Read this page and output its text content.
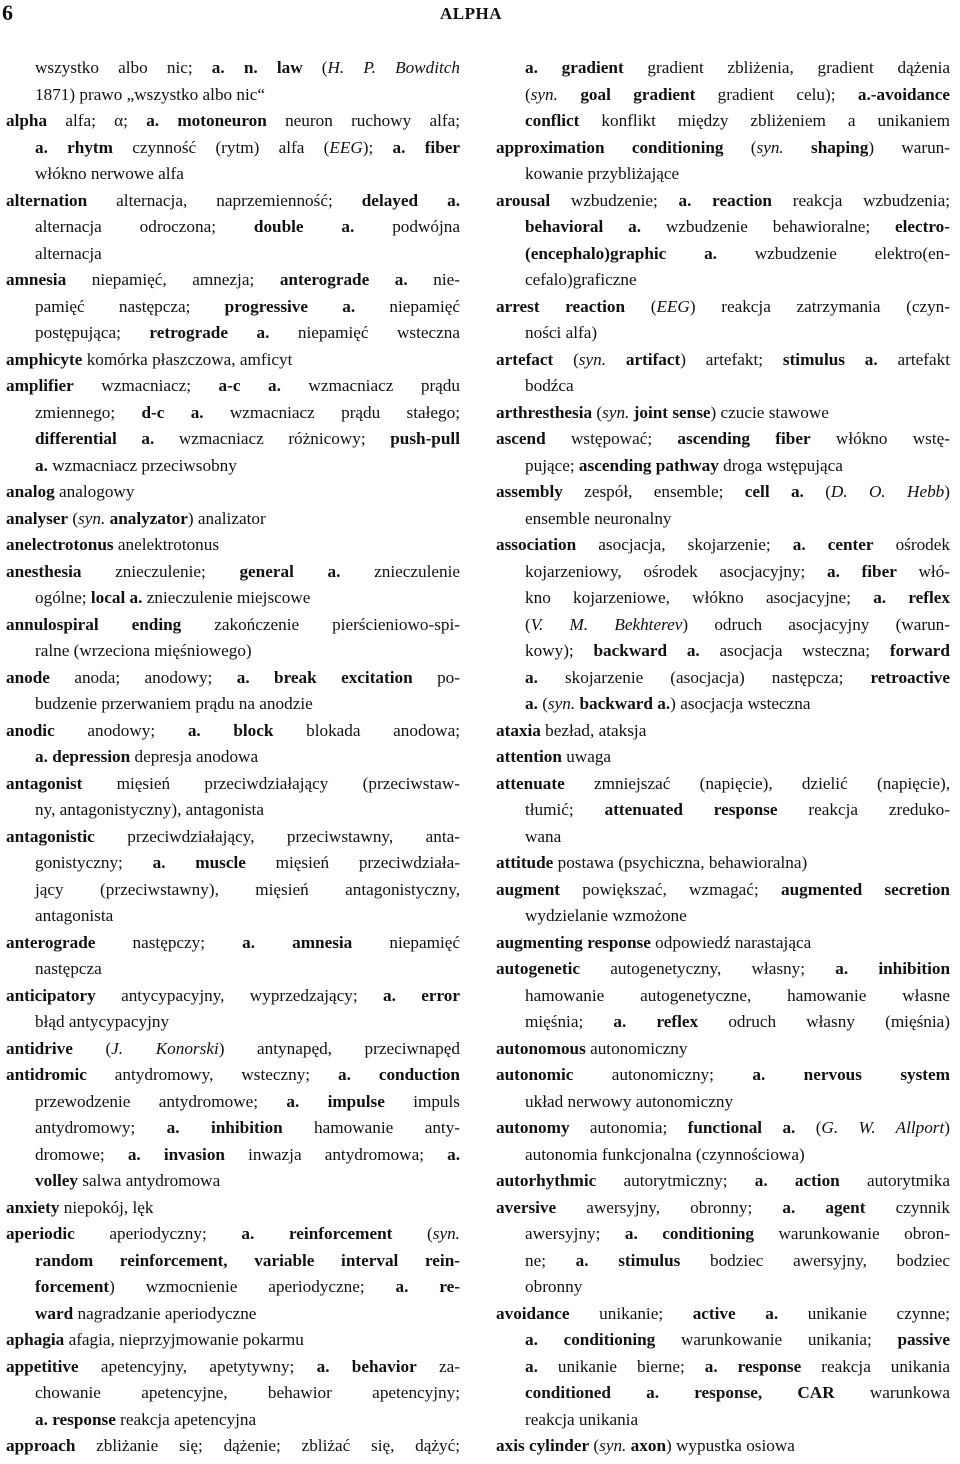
6	ALPHA
wszystko albo nic; a. n. law (H. P. Bowditch
1871) prawo „wszystko albo nic“
alpha alfa; α; a. motoneuron neuron ruchowy alfa;
a. rhytm czynność (rytm) alfa (EEG); a. fiber
włókno nerwowe alfa
alternation alternacja, naprzemienność; delayed a.
alternacja odroczona; double a. podwójna
alternacja
amnesia niepamięć, amnezja; anterograde a. nie-
pamięć następcza; progressive a. niepamięć
postępująca; retrograde a. niepamięć wsteczna
amphicyte komórka płaszczowa, amficyt
amplifier wzmacniacz; a-c a. wzmacniacz prądu
zmiennego; d-c a. wzmacniacz prądu stałego;
differential a. wzmacniacz różnicowy; push-pull
a. wzmacniacz przeciwsobny
analog analogowy
analyser (syn. analyzator) analizator
anelectrotonus anelektrotonus
anesthesia znieczulenie; general a. znieczulenie
ogólne; local a. znieczulenie miejscowe
annulospiral ending zakończenie pierścieniowo-spi-
ralne (wrzeciona mięśniowego)
anode anoda; anodowy; a. break excitation po-
budzenie przerwaniem prądu na anodzie
anodic anodowy; a. block blokada anodowa;
a. depression depresja anodowa
antagonist mięsień przeciwdziałający (przeciwstaw-
ny, antagonistyczny), antagonista
antagonistic przeciwdziałający, przeciwstawny, anta-
gonistyczny; a. muscle mięsień przeciwdziała-
jący (przeciwstawny), mięsień antagonistyczny,
antagonista
anterograde następczy; a. amnesia niepamięć
następcza
anticipatory antycypacyjny, wyprzedzający; a. error
błąd antycypacyjny
antidrive (J. Konorski) antynapęd, przeciwnapęd
antidromic antydromowy, wsteczny; a. conduction
przewodzenie antydromowe; a. impulse impuls
antydromowy; a. inhibition hamowanie anty-
dromowe; a. invasion inwazja antydromowa; a.
volley salwa antydromowa
anxiety niepokój, lęk
aperiodic aperiodyczny; a. reinforcement (syn.
random reinforcement, variable interval rein-
forcement) wzmocnienie aperiodyczne; a. re-
ward nagradzanie aperiodyczne
aphagia afagia, nieprzyjmowanie pokarmu
appetitive apetencyjny, apetytywny; a. behavior za-
chowanie apetencyjne, behawior apetencyjny;
a. response reakcja apetencyjna
approach zbliżanie się; dążenie; zbliżać się, dążyć;
a. gradient gradient zbliżenia, gradient dążenia
(syn. goal gradient gradient celu); a.-avoidance
conflict konflikt między zbliżeniem a unikaniem
approximation conditioning (syn. shaping) warun-
kowanie przybliżające
arousal wzbudzenie; a. reaction reakcja wzbudzenia;
behavioral a. wzbudzenie behawioralne; electro-
(encephalo)graphic a. wzbudzenie elektro(en-
cefalo)graficzne
arrest reaction (EEG) reakcja zatrzymania (czyn-
ności alfa)
artefact (syn. artifact) artefakt; stimulus a. artefakt
bodźca
arthresthesia (syn. joint sense) czucie stawowe
ascend wstępować; ascending fiber włókno wstę-
pujące; ascending pathway droga wstępująca
assembly zespół, ensemble; cell a. (D. O. Hebb)
ensemble neuronalny
association asocjacja, skojarzenie; a. center ośrodek
kojarzeniowy, ośrodek asocjacyjny; a. fiber włó-
kno kojarzeniowe, włókno asocjacyjne; a. reflex
(V. M. Bekhterev) odruch asocjacyjny (warun-
kowy); backward a. asocjacja wsteczna; forward
a. skojarzenie (asocjacja) następcza; retroactive
a. (syn. backward a.) asocjacja wsteczna
ataxia bezład, ataksja
attention uwaga
attenuate zmniejszać (napięcie), dzielić (napięcie),
tłumić; attenuated response reakcja zreduko-
wana
attitude postawa (psychiczna, behawioralna)
augment powiększać, wzmagać; augmented secretion
wydzielanie wzmożone
augmenting response odpowiedź narastająca
autogenetic autogenetyczny, własny; a. inhibition
hamowanie autogenetyczne, hamowanie własne
mięśnia; a. reflex odruch własny (mięśnia)
autonomous autonomiczny
autonomic autonomiczny; a. nervous system
układ nerwowy autonomiczny
autonomy autonomia; functional a. (G. W. Allport)
autonomia funkcjonalna (czynnościowa)
autorhythmic autorytmiczny; a. action autorytmika
aversive awersyjny, obronny; a. agent czynnik
awersyjny; a. conditioning warunkowanie obron-
ne; a. stimulus bodziec awersyjny, bodziec
obronny
avoidance unikanie; active a. unikanie czynne;
a. conditioning warunkowanie unikania; passive
a. unikanie bierne; a. response reakcja unikania
conditioned a. response, CAR warunkowa
reakcja unikania
axis cylinder (syn. axon) wypustka osiowa
